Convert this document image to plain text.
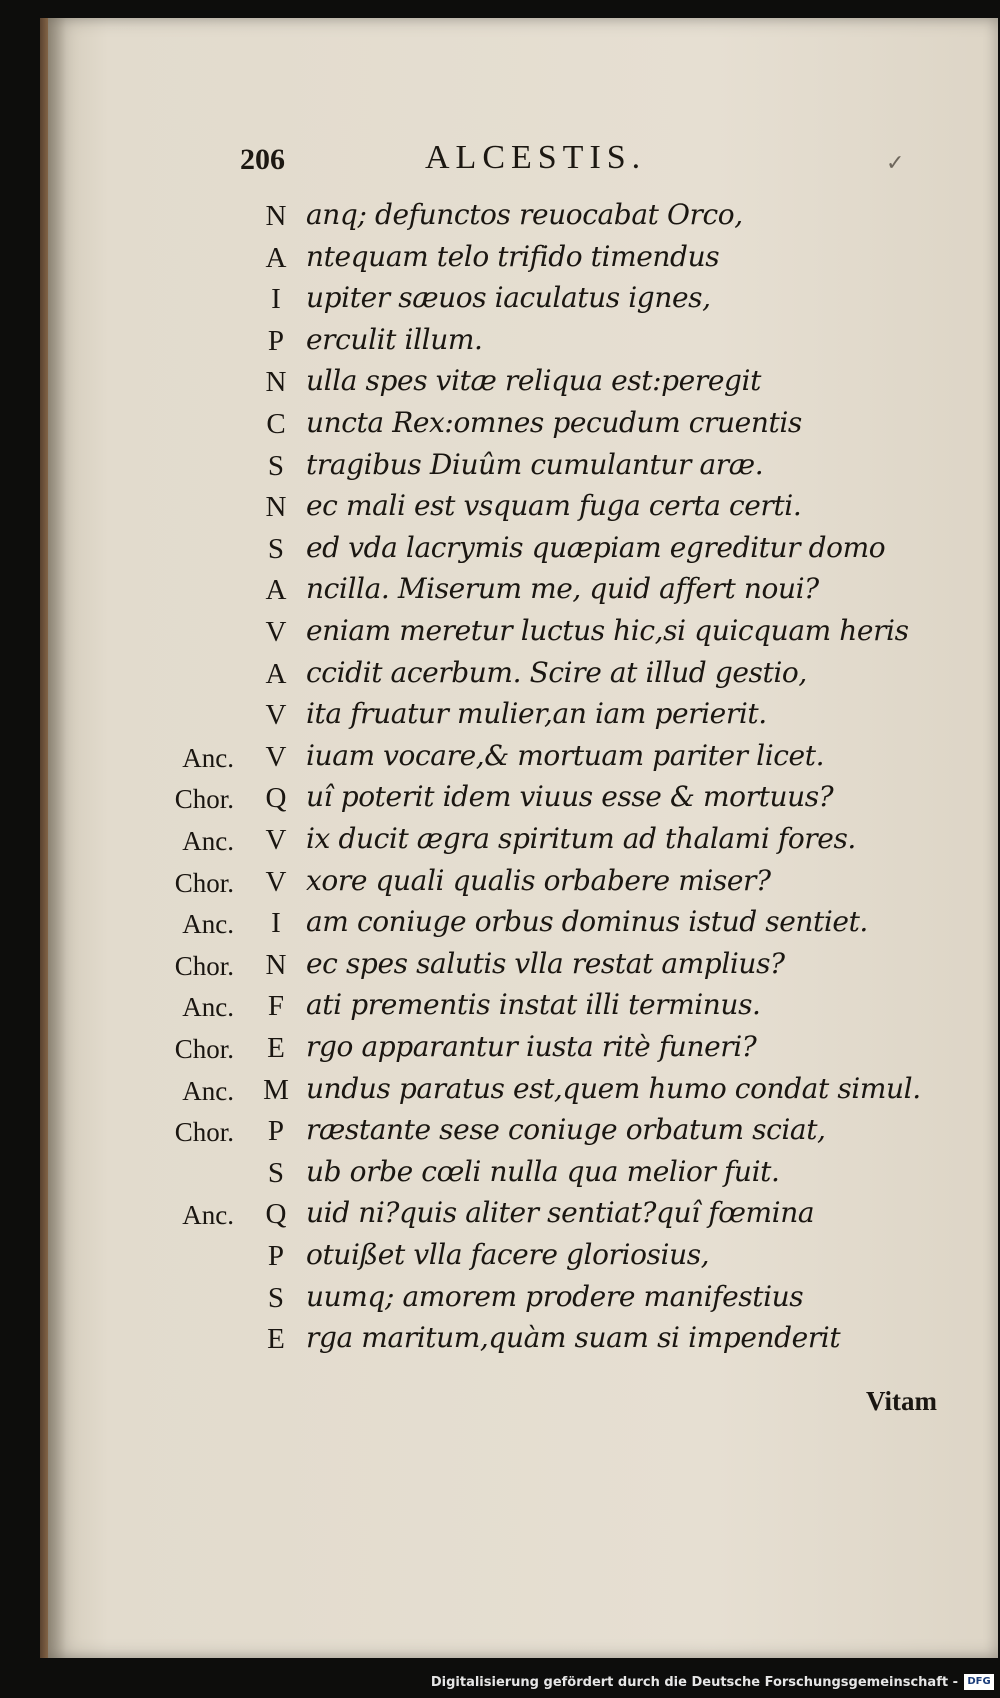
✓
206	ALCESTIS.
N anq; defunctos reuocabat Orco,
A ntequam telo trifido timendus
I upiter sæuos iaculatus ignes,
P erculit illum.
N ulla spes vitæ reliqua est:peregit
C uncta Rex:omnes pecudum cruentis
S tragibus Diuûm cumulantur aræ.
N ec mali est vsquam fuga certa certi.
S ed vda lacrymis quæpiam egreditur domo
A ncilla. Miserum me, quid affert noui?
V eniam meretur luctus hic,si quicquam heris
A ccidit acerbum. Scire at illud gestio,
V ita fruatur mulier,an iam perierit.
Anc. V iuam vocare,& mortuam pariter licet.
Chor. Q uî poterit idem viuus esse & mortuus?
Anc. V ix ducit ægra spiritum ad thalami fores.
Chor. V xore quali qualis orbabere miser?
Anc.	I am coniuge orbus dominus istud sentiet.
Chor. N ec spes salutis vlla restat amplius?
Anc.	F ati prementis instat illi terminus.
Chor.	E rgo apparantur iusta ritè funeri?
Anc. M undus paratus est,quem humo condat simul.
Chor.	P ræstante sese coniuge orbatum sciat,
S ub orbe cœli nulla qua melior fuit.
Anc. Q uid ni?quis aliter sentiat?quî fœmina
P otuißet vlla facere gloriosius,
S uumq; amorem prodere manifestius
E rga maritum,quàm suam si impenderit
Vitam
Digitalisierung gefördert durch die Deutsche Forschungsgemeinschaft - DFG
